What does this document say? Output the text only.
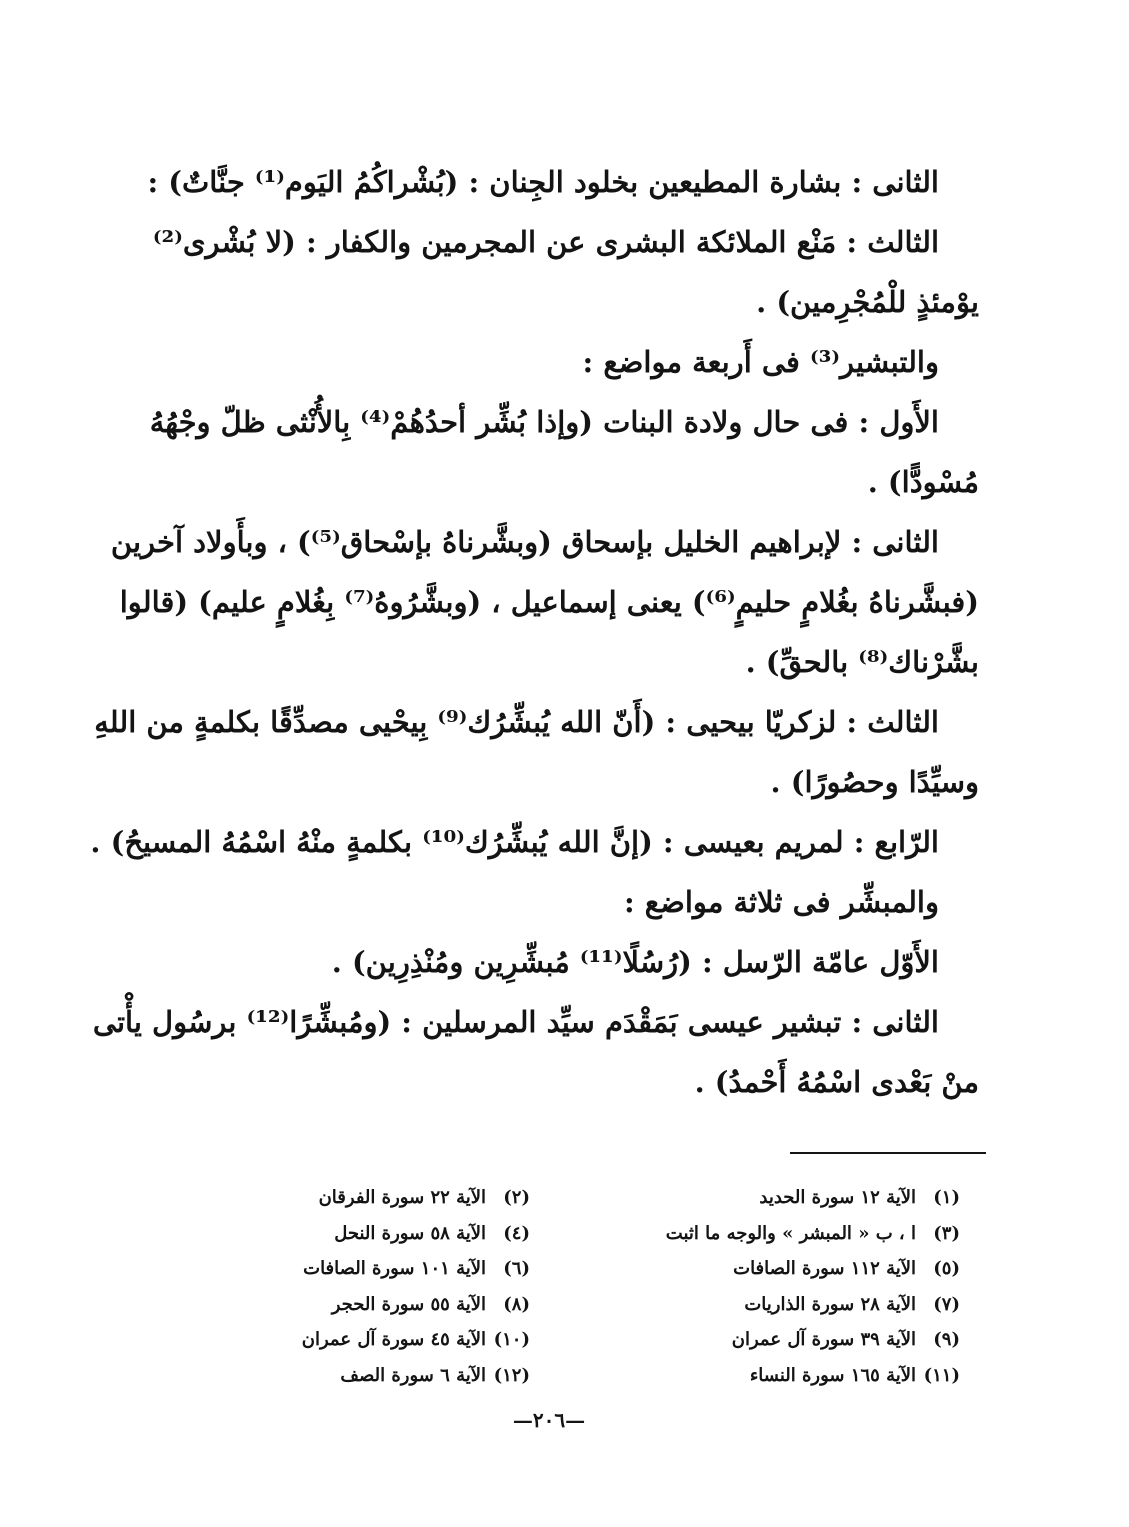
الثانى : بشارة المطيعين بخلود الجِنان : (بُشْراكُمُ اليَوم⁽¹⁾ جنَّاتٌ) :
الثالث : مَنْع الملائكة البشرى عن المجرمين والكفار : (لا بُشْرى⁽²⁾
يوْمئذٍ للْمُجْرِمين) .
والتبشير⁽³⁾ فى أَربعة مواضع :
الأَول : فى حال ولادة البنات (وإذا بُشِّر أحدُهُمْ⁽⁴⁾ بِالأُنْثى ظلّ وجْهُهُ
مُسْودًّا) .
الثانى : لإبراهيم الخليل بإسحاق (وبشَّرناهُ بإسْحاق⁽⁵⁾) ، وبأَولاد آخرين
(فبشَّرناهُ بغُلامٍ حليمٍ⁽⁶⁾) يعنى إسماعيل ، (وبشَّرُوهُ⁽⁷⁾ بِغُلامٍ عليم) (قالوا
بشَّرْناك⁽⁸⁾ بالحقِّ) .
الثالث : لزكريّا بيحيى : (أَنّ الله يُبشِّرُك⁽⁹⁾ بِيحْيى مصدِّقًا بكلمةٍ من اللهِ
وسيِّدًا وحصُورًا) .
الرّابع : لمريم بعيسى : (إنَّ الله يُبشِّرُك⁽¹⁰⁾ بكلمةٍ منْهُ اسْمُهُ المسيحُ) .
والمبشِّر فى ثلاثة مواضع :
الأَوّل عامّة الرّسل : (رُسُلًا⁽¹¹⁾ مُبشِّرِين ومُنْذِرِين) .
الثانى : تبشير عيسى بَمَقْدَم سيِّد المرسلين : (ومُبشِّرًا⁽¹²⁾ برسُول يأْتى
منْ بَعْدى اسْمُهُ أَحْمدُ) .
(١)الآية ١٢ سورة الحديد
(٣)ا ، ب « المبشر » والوجه ما اثبت
(٥)الآية ١١٢ سورة الصافات
(٧)الآية ٢٨ سورة الذاريات
(٩)الآية ٣٩ سورة آل عمران
(١١)الآية ١٦٥ سورة النساء
(٢)الآية ٢٢ سورة الفرقان
(٤)الآية ٥٨ سورة النحل
(٦)الآية ١٠١ سورة الصافات
(٨)الآية ٥٥ سورة الحجر
(١٠)الآية ٤٥ سورة آل عمران
(١٢)الآية ٦ سورة الصف
—٢٠٦—
